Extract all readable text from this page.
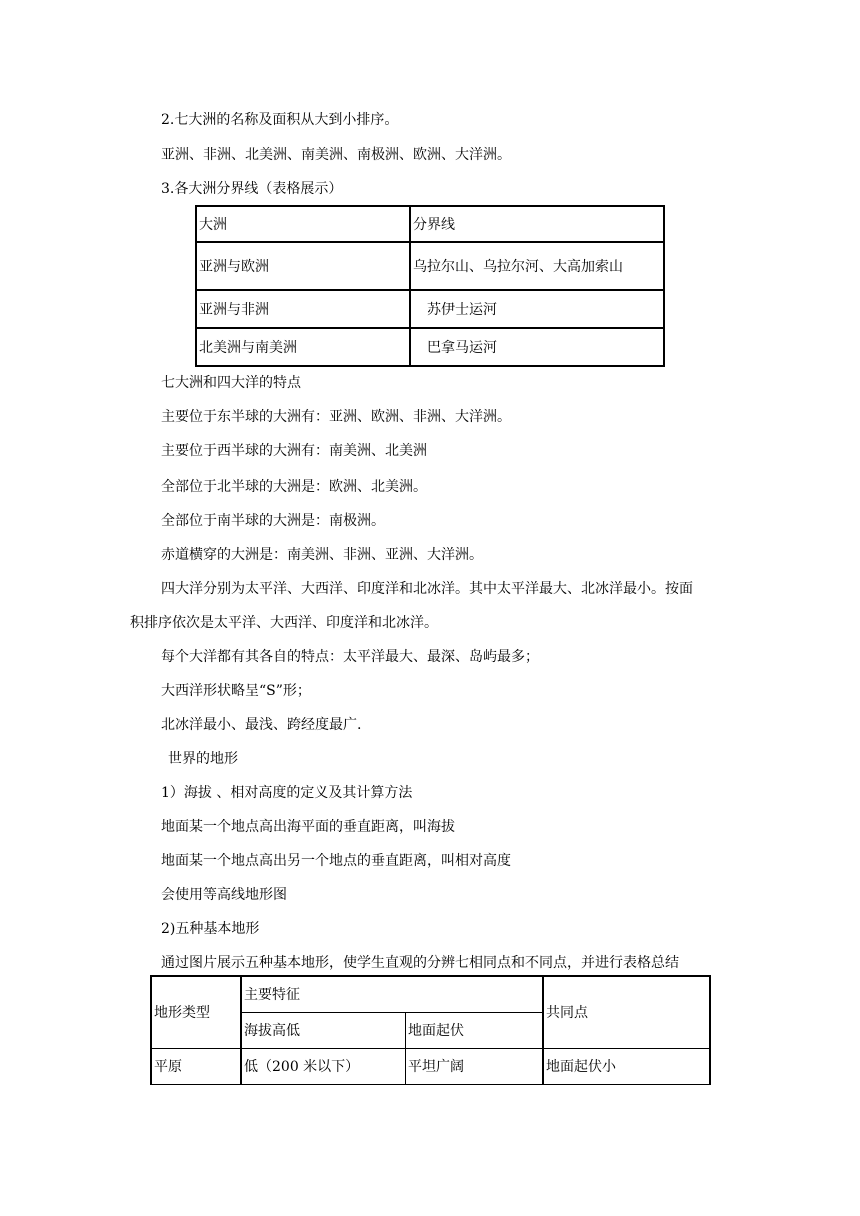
2.七大洲的名称及面积从大到小排序。
亚洲、非洲、北美洲、南美洲、南极洲、欧洲、大洋洲。
3.各大洲分界线（表格展示）
大洲	分界线
亚洲与欧洲	乌拉尔山、乌拉尔河、大高加索山
亚洲与非洲	苏伊士运河
北美洲与南美洲	巴拿马运河
七大洲和四大洋的特点
主要位于东半球的大洲有：亚洲、欧洲、非洲、大洋洲。
主要位于西半球的大洲有：南美洲、北美洲
全部位于北半球的大洲是：欧洲、北美洲。
全部位于南半球的大洲是：南极洲。
赤道横穿的大洲是：南美洲、非洲、亚洲、大洋洲。
四大洋分别为太平洋、大西洋、印度洋和北冰洋。其中太平洋最大、北冰洋最小。按面
积排序依次是太平洋、大西洋、印度洋和北冰洋。
每个大洋都有其各自的特点：太平洋最大、最深、岛屿最多；
大西洋形状略呈“S”形；
北冰洋最小、最浅、跨经度最广.
世界的地形
1）海拔 、相对高度的定义及其计算方法
地面某一个地点高出海平面的垂直距离，叫海拔
地面某一个地点高出另一个地点的垂直距离，叫相对高度
会使用等高线地形图
2)五种基本地形
通过图片展示五种基本地形，使学生直观的分辨七相同点和不同点，并进行表格总结
地形类型	主要特征		共同点
	海拔高低	地面起伏	
平原	低（200 米以下）	平坦广阔	地面起伏小
